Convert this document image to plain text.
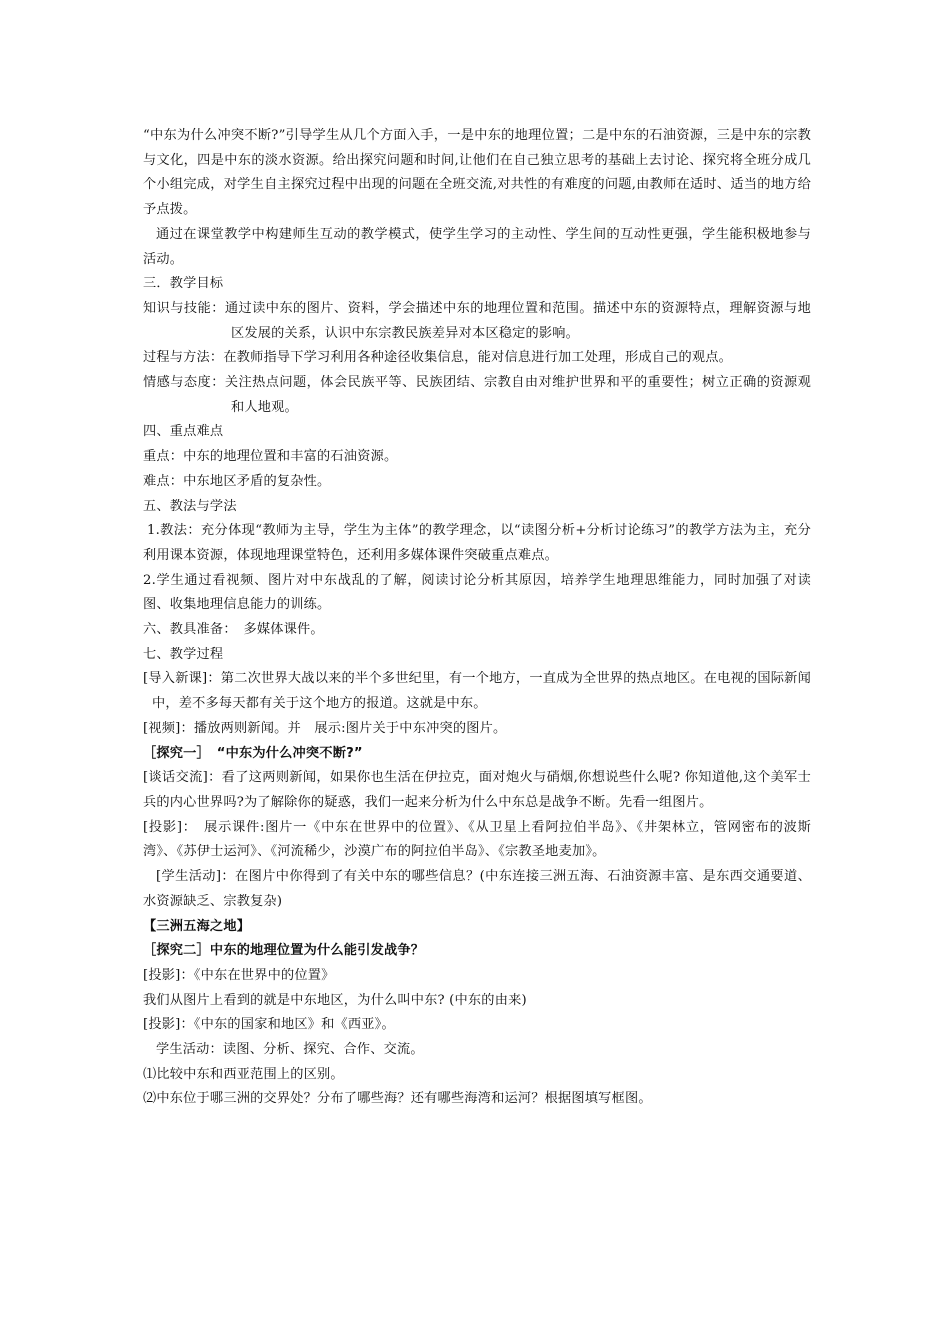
“中东为什么冲突不断?”引导学生从几个方面入手，一是中东的地理位置；二是中东的石油资源，三是中东的宗教与文化，四是中东的淡水资源。给出探究问题和时间,让他们在自己独立思考的基础上去讨论、探究将全班分成几个小组完成，对学生自主探究过程中出现的问题在全班交流,对共性的有难度的问题,由教师在适时、适当的地方给予点拨。

通过在课堂教学中构建师生互动的教学模式，使学生学习的主动性、学生间的互动性更强，学生能积极地参与活动。

三．教学目标

知识与技能：通过读中东的图片、资料，学会描述中东的地理位置和范围。描述中东的资源特点，理解资源与地区发展的关系，认识中东宗教民族差异对本区稳定的影响。

过程与方法：在教师指导下学习利用各种途径收集信息，能对信息进行加工处理，形成自己的观点。

情感与态度：关注热点问题，体会民族平等、民族团结、宗教自由对维护世界和平的重要性；树立正确的资源观和人地观。

四、重点难点

重点：中东的地理位置和丰富的石油资源。

难点：中东地区矛盾的复杂性。

五、教法与学法

1.教法：充分体现“教师为主导，学生为主体”的教学理念，以“读图分析+分析讨论练习”的教学方法为主，充分利用课本资源，体现地理课堂特色，还利用多媒体课件突破重点难点。

2.学生通过看视频、图片对中东战乱的了解，阅读讨论分析其原因，培养学生地理思维能力，同时加强了对读图、收集地理信息能力的训练。

六、教具准备：　多媒体课件。

七、教学过程

[导入新课]：第二次世界大战以来的半个多世纪里，有一个地方，一直成为全世界的热点地区。在电视的国际新闻中，差不多每天都有关于这个地方的报道。这就是中东。

[视频]：播放两则新闻。并　展示:图片关于中东冲突的图片。

［探究一］　“中东为什么冲突不断?”

[谈话交流]：看了这两则新闻，如果你也生活在伊拉克，面对炮火与硝烟,你想说些什么呢? 你知道他,这个美军士兵的内心世界吗?为了解除你的疑惑，我们一起来分析为什么中东总是战争不断。先看一组图片。

[投影]：　展示课件:图片一《中东在世界中的位置》、《从卫星上看阿拉伯半岛》、《井架林立，管网密布的波斯湾》、《苏伊士运河》、《河流稀少，沙漠广布的阿拉伯半岛》、《宗教圣地麦加》。

[学生活动]：在图片中你得到了有关中东的哪些信息？(中东连接三洲五海、石油资源丰富、是东西交通要道、水资源缺乏、宗教复杂)

【三洲五海之地】

［探究二］中东的地理位置为什么能引发战争？

[投影]：《中东在世界中的位置》

我们从图片上看到的就是中东地区，为什么叫中东? (中东的由来)

[投影]：《中东的国家和地区》和《西亚》。

学生活动：读图、分析、探究、合作、交流。

⑴比较中东和西亚范围上的区别。

⑵中东位于哪三洲的交界处？分布了哪些海？还有哪些海湾和运河？根据图填写框图。
